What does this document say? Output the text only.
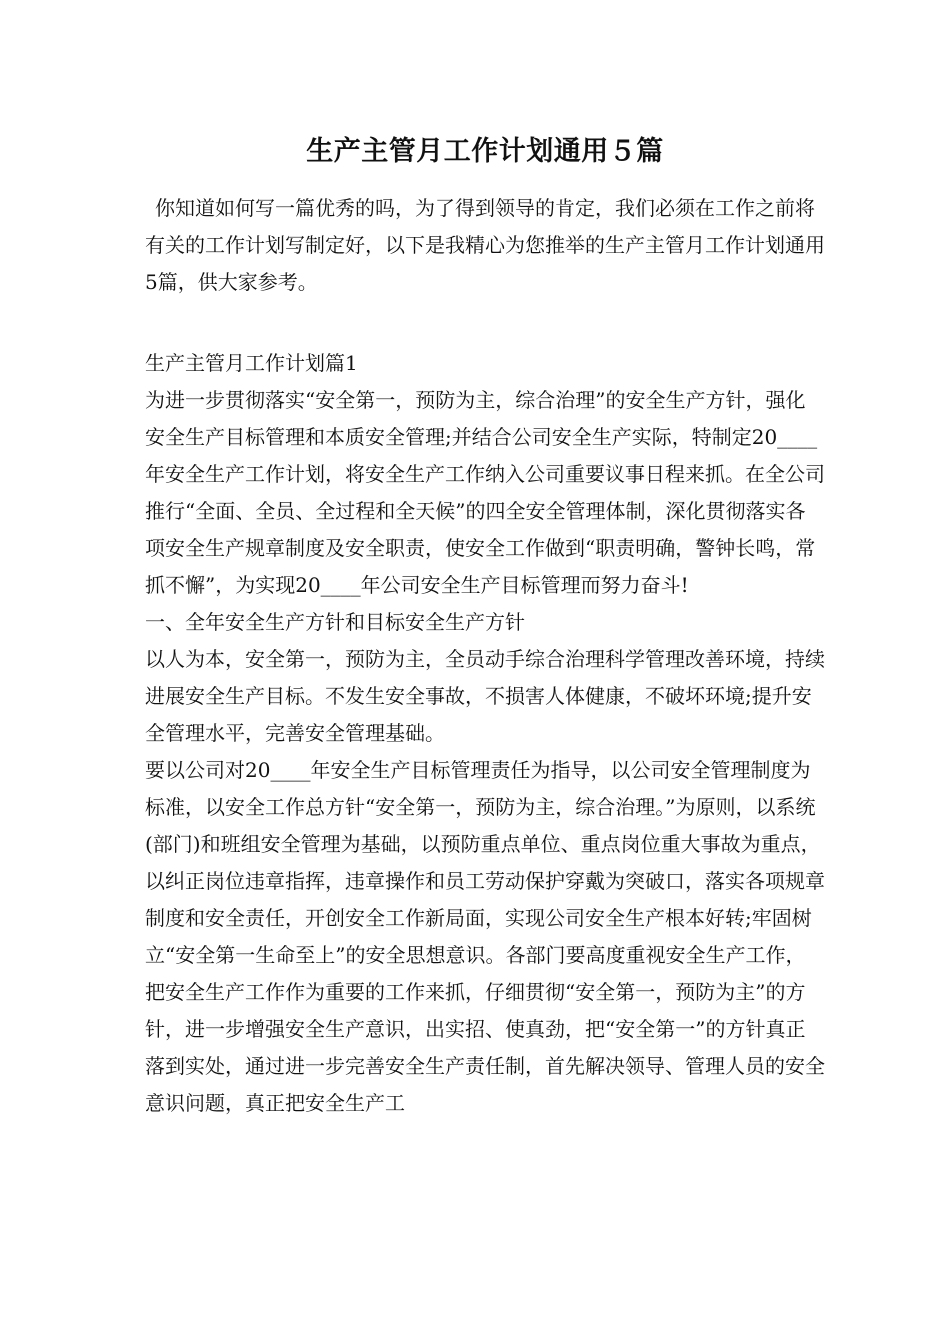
生产主管月工作计划通用５篇

你知道如何写一篇优秀的吗，为了得到领导的肯定，我们必须在工作之前将有关的工作计划写制定好，以下是我精心为您推举的生产主管月工作计划通用5篇，供大家参考。

生产主管月工作计划篇1

为进一步贯彻落实“安全第一，预防为主，综合治理”的安全生产方针，强化安全生产目标管理和本质安全管理;并结合公司安全生产实际，特制定20____年安全生产工作计划，将安全生产工作纳入公司重要议事日程来抓。在全公司推行“全面、全员、全过程和全天候”的四全安全管理体制，深化贯彻落实各项安全生产规章制度及安全职责，使安全工作做到“职责明确，警钟长鸣，常抓不懈”，为实现20____年公司安全生产目标管理而努力奋斗!

一、全年安全生产方针和目标安全生产方针

以人为本，安全第一，预防为主，全员动手综合治理科学管理改善环境，持续进展安全生产目标。不发生安全事故，不损害人体健康，不破坏环境;提升安全管理水平，完善安全管理基础。

要以公司对20____年安全生产目标管理责任为指导，以公司安全管理制度为标准，以安全工作总方针“安全第一，预防为主，综合治理。”为原则，以系统(部门)和班组安全管理为基础，以预防重点单位、重点岗位重大事故为重点，以纠正岗位违章指挥，违章操作和员工劳动保护穿戴为突破口，落实各项规章制度和安全责任，开创安全工作新局面，实现公司安全生产根本好转;牢固树立“安全第一生命至上”的安全思想意识。各部门要高度重视安全生产工作，把安全生产工作作为重要的工作来抓，仔细贯彻“安全第一，预防为主”的方针，进一步增强安全生产意识，出实招、使真劲，把“安全第一”的方针真正落到实处，通过进一步完善安全生产责任制，首先解决领导、管理人员的安全意识问题，真正把安全生产工
